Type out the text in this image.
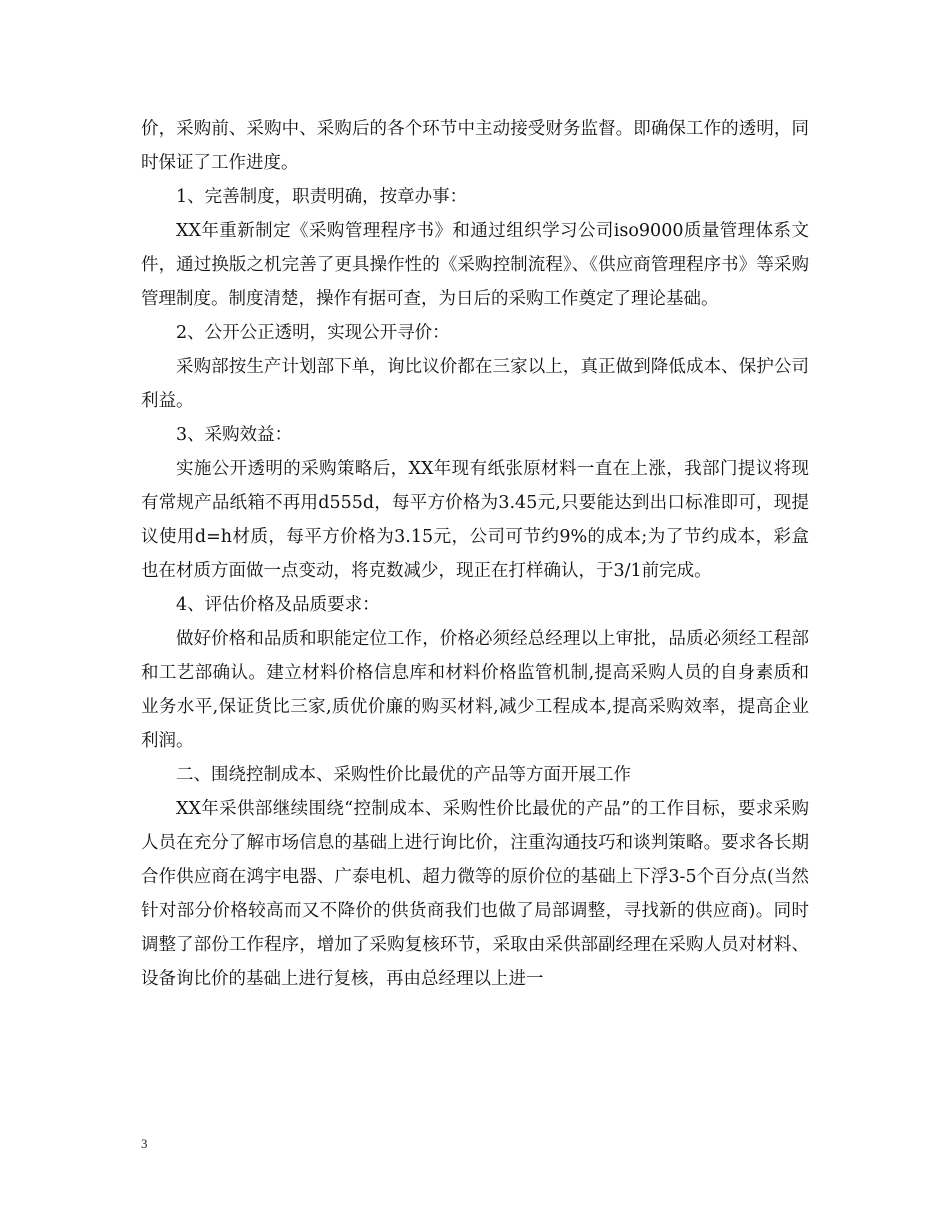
价，采购前、采购中、采购后的各个环节中主动接受财务监督。即确保工作的透明，同时保证了工作进度。

1、完善制度，职责明确，按章办事：

XX年重新制定《采购管理程序书》和通过组织学习公司iso9000质量管理体系文件，通过换版之机完善了更具操作性的《采购控制流程》、《供应商管理程序书》等采购管理制度。制度清楚，操作有据可查，为日后的采购工作奠定了理论基础。

2、公开公正透明，实现公开寻价：

采购部按生产计划部下单，询比议价都在三家以上，真正做到降低成本、保护公司利益。

3、采购效益：

实施公开透明的采购策略后，XX年现有纸张原材料一直在上涨，我部门提议将现有常规产品纸箱不再用d555d，每平方价格为3.45元,只要能达到出口标准即可，现提议使用d=h材质，每平方价格为3.15元，公司可节约9%的成本;为了节约成本，彩盒也在材质方面做一点变动，将克数减少，现正在打样确认，于3/1前完成。

4、评估价格及品质要求：

做好价格和品质和职能定位工作，价格必须经总经理以上审批，品质必须经工程部和工艺部确认。建立材料价格信息库和材料价格监管机制,提高采购人员的自身素质和业务水平,保证货比三家,质优价廉的购买材料,减少工程成本,提高采购效率，提高企业利润。

二、围绕控制成本、采购性价比最优的产品等方面开展工作

XX年采供部继续围绕“控制成本、采购性价比最优的产品”的工作目标，要求采购人员在充分了解市场信息的基础上进行询比价，注重沟通技巧和谈判策略。要求各长期合作供应商在鸿宇电器、广泰电机、超力微等的原价位的基础上下浮3-5个百分点(当然针对部分价格较高而又不降价的供货商我们也做了局部调整，寻找新的供应商)。同时调整了部份工作程序，增加了采购复核环节，采取由采供部副经理在采购人员对材料、设备询比价的基础上进行复核，再由总经理以上进一

3
